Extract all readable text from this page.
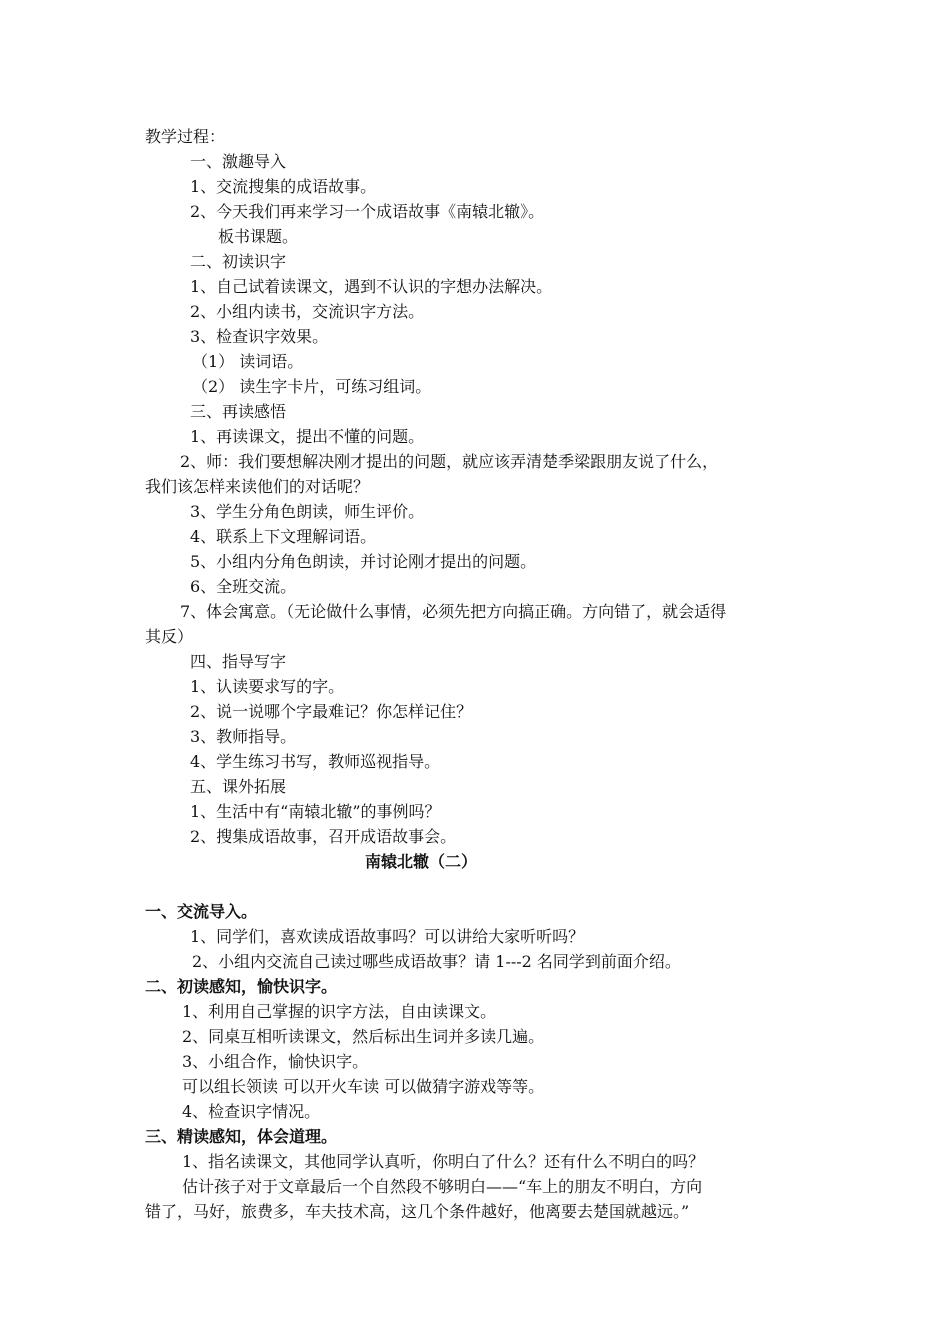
教学过程：
一、激趣导入
1、交流搜集的成语故事。
2、今天我们再来学习一个成语故事《南辕北辙》。
板书课题。
二、初读识字
1、自己试着读课文，遇到不认识的字想办法解决。
2、小组内读书，交流识字方法。
3、检查识字效果。
（1） 读词语。
（2） 读生字卡片，可练习组词。
三、再读感悟
1、再读课文，提出不懂的问题。
2、师：我们要想解决刚才提出的问题，就应该弄清楚季梁跟朋友说了什么，
我们该怎样来读他们的对话呢？
3、学生分角色朗读，师生评价。
4、联系上下文理解词语。
5、小组内分角色朗读，并讨论刚才提出的问题。
6、全班交流。
7、体会寓意。（无论做什么事情，必须先把方向搞正确。方向错了，就会适得
其反）
四、指导写字
1、认读要求写的字。
2、说一说哪个字最难记？你怎样记住？
3、教师指导。
4、学生练习书写，教师巡视指导。
五、课外拓展
1、生活中有“南辕北辙”的事例吗？
2、搜集成语故事，召开成语故事会。
南辕北辙（二）
一、交流导入。
1、同学们，喜欢读成语故事吗？可以讲给大家听听吗？
2、小组内交流自己读过哪些成语故事？请 1---2 名同学到前面介绍。
二、初读感知，愉快识字。
1、利用自己掌握的识字方法，自由读课文。
2、同桌互相听读课文，然后标出生词并多读几遍。
3、小组合作，愉快识字。
可以组长领读 可以开火车读 可以做猜字游戏等等。
4、检查识字情况。
三、精读感知，体会道理。
1、指名读课文，其他同学认真听，你明白了什么？还有什么不明白的吗？
估计孩子对于文章最后一个自然段不够明白——“车上的朋友不明白，方向
错了，马好，旅费多，车夫技术高，这几个条件越好，他离要去楚国就越远。”
